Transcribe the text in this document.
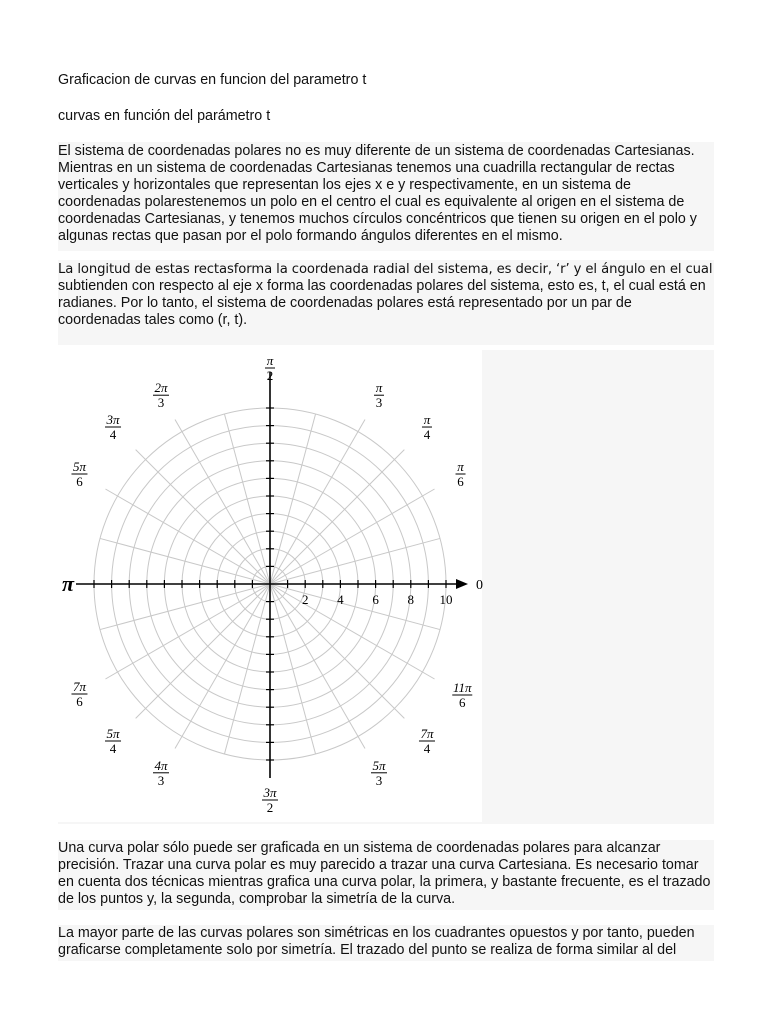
Graficacion de curvas en funcion del parametro t

curvas en función del parámetro t

El sistema de coordenadas polares no es muy diferente de un sistema de coordenadas Cartesianas. Mientras en un sistema de coordenadas Cartesianas tenemos una cuadrilla rectangular de rectas verticales y horizontales que representan los ejes x e y respectivamente, en un sistema de coordenadas polarestenemos un polo en el centro el cual es equivalente al origen en el sistema de coordenadas Cartesianas, y tenemos muchos círculos concéntricos que tienen su origen en el polo y algunas rectas que pasan por el polo formando ángulos diferentes en el mismo.

La longitud de estas rectasforma la coordenada radial del sistema, es decir, ‘r’ y el ángulo en el cual subtienden con respecto al eje x forma las coordenadas polares del sistema, esto es, t, el cual está en radianes. Por lo tanto, el sistema de coordenadas polares está representado por un par de coordenadas tales como (r, t).

2 4 6 8 10
0
π
π
2
π
3
π
4
π
6
2π
3
3π
4
5π
6
7π
6
5π
4
4π
3
3π
2
5π
3
7π
4
11π
6

Una curva polar sólo puede ser graficada en un sistema de coordenadas polares para alcanzar precisión. Trazar una curva polar es muy parecido a trazar una curva Cartesiana. Es necesario tomar en cuenta dos técnicas mientras grafica una curva polar, la primera, y bastante frecuente, es el trazado de los puntos y, la segunda, comprobar la simetría de la curva.

La mayor parte de las curvas polares son simétricas en los cuadrantes opuestos y por tanto, pueden graficarse completamente solo por simetría. El trazado del punto se realiza de forma similar al del
